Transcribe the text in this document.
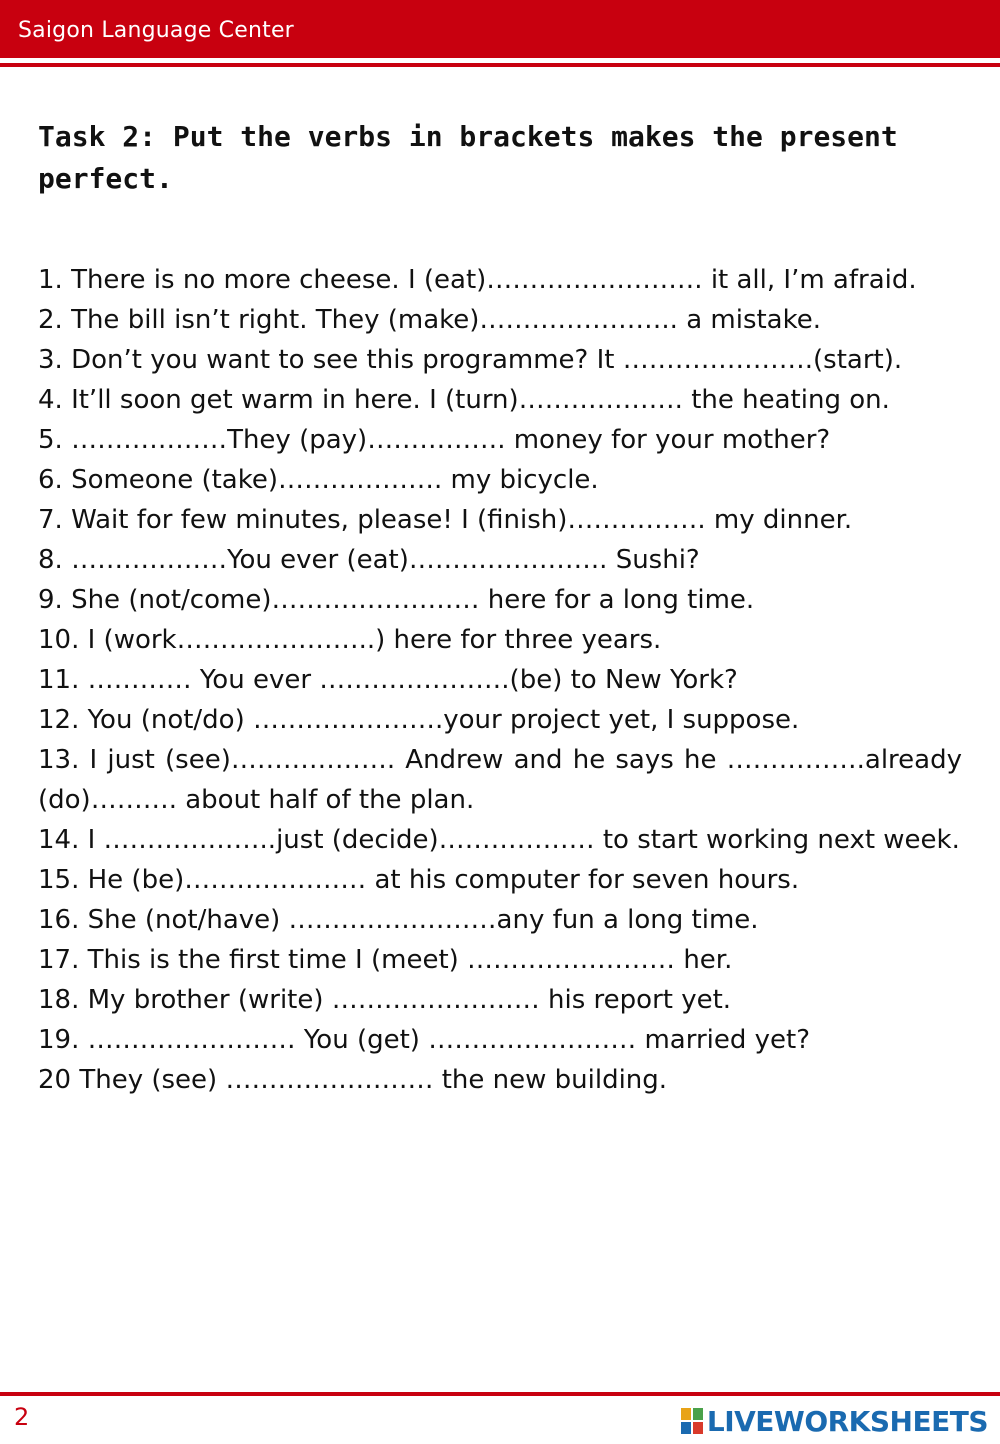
Saigon Language Center
Task 2: Put the verbs in brackets makes the present perfect.
1. There is no more cheese. I (eat)……………………. it all, I’m afraid.
2. The bill isn’t right. They (make)………………….. a mistake.
3. Don’t you want to see this programme? It ………………….(start).
4. It’ll soon get warm in here. I (turn)………………. the heating on.
5. ………………They (pay)……………. money for your mother?
6. Someone (take)………………. my bicycle.
7. Wait for few minutes, please! I (finish)……………. my dinner.
8. ………………You ever (eat)………………….. Sushi?
9. She (not/come)…………………… here for a long time.
10. I (work…………………..) here for three years.
11. ………… You ever ………………….(be) to New York?
12. You (not/do) ………………….your project yet, I suppose.
13. I just (see)………………. Andrew and he says he …………….already (do)………. about half of the plan.
14. I ………………..just (decide)……………… to start working next week.
15. He (be)………………… at his computer for seven hours.
16. She (not/have) ……………………any fun a long time.
17. This is the first time I (meet) …………………… her.
18. My brother (write) …………………… his report yet.
19. …………………… You (get) …………………… married yet?
20 They (see) …………………… the new building.
2	LIVEWORKSHEETS
